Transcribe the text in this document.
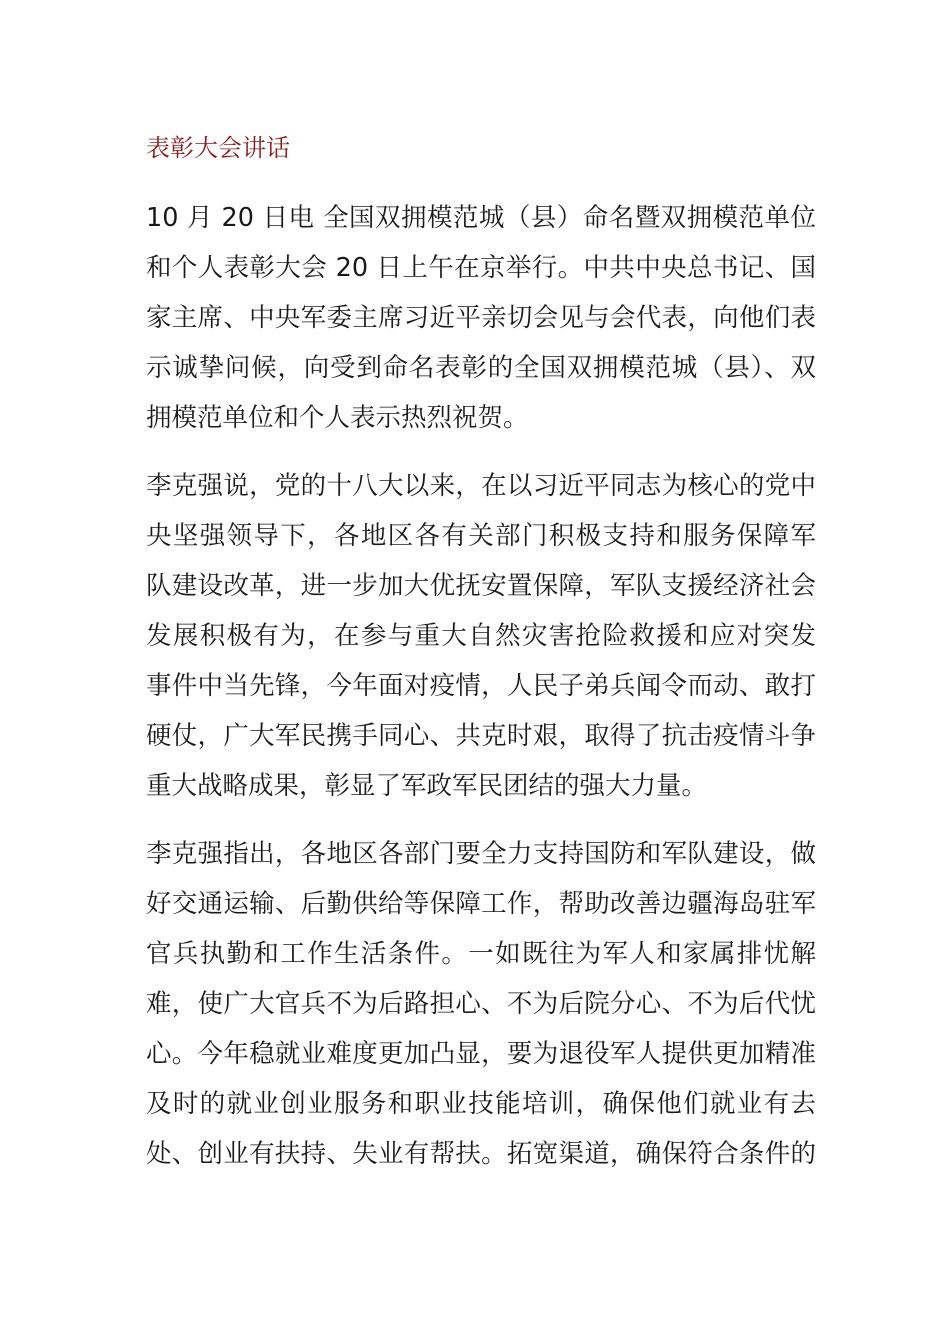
表彰大会讲话

10 月 20 日电 全国双拥模范城（县）命名暨双拥模范单位

和个人表彰大会 20 日上午在京举行。中共中央总书记、国

家主席、中央军委主席习近平亲切会见与会代表，向他们表

示诚挚问候，向受到命名表彰的全国双拥模范城（县）、双

拥模范单位和个人表示热烈祝贺。

李克强说，党的十八大以来，在以习近平同志为核心的党中

央坚强领导下，各地区各有关部门积极支持和服务保障军

队建设改革，进一步加大优抚安置保障，军队支援经济社会

发展积极有为，在参与重大自然灾害抢险救援和应对突发

事件中当先锋，今年面对疫情，人民子弟兵闻令而动、敢打

硬仗，广大军民携手同心、共克时艰，取得了抗击疫情斗争

重大战略成果，彰显了军政军民团结的强大力量。

李克强指出，各地区各部门要全力支持国防和军队建设，做

好交通运输、后勤供给等保障工作，帮助改善边疆海岛驻军

官兵执勤和工作生活条件。一如既往为军人和家属排忧解

难，使广大官兵不为后路担心、不为后院分心、不为后代忧

心。今年稳就业难度更加凸显，要为退役军人提供更加精准

及时的就业创业服务和职业技能培训，确保他们就业有去

处、创业有扶持、失业有帮扶。拓宽渠道，确保符合条件的
